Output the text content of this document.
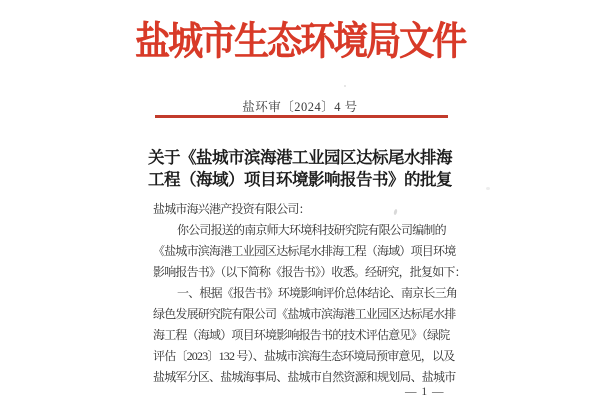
盐城市生态环境局文件
盐环审〔2024〕4 号
关于《盐城市滨海港工业园区达标尾水排海
工程（海域）项目环境影响报告书》的批复
盐城市海兴港产投资有限公司：
你公司报送的南京师大环境科技研究院有限公司编制的
《盐城市滨海港工业园区达标尾水排海工程（海域）项目环境
影响报告书》（以下简称《报告书》）收悉。经研究，批复如下：
一、根据《报告书》环境影响评价总体结论、南京长三角
绿色发展研究院有限公司《盐城市滨海港工业园区达标尾水排
海工程（海域）项目环境影响报告书的技术评估意见》（绿院
评估〔2023〕132 号）、盐城市滨海生态环境局预审意见，以及
盐城军分区、盐城海事局、盐城市自然资源和规划局、盐城市
— 1 —
